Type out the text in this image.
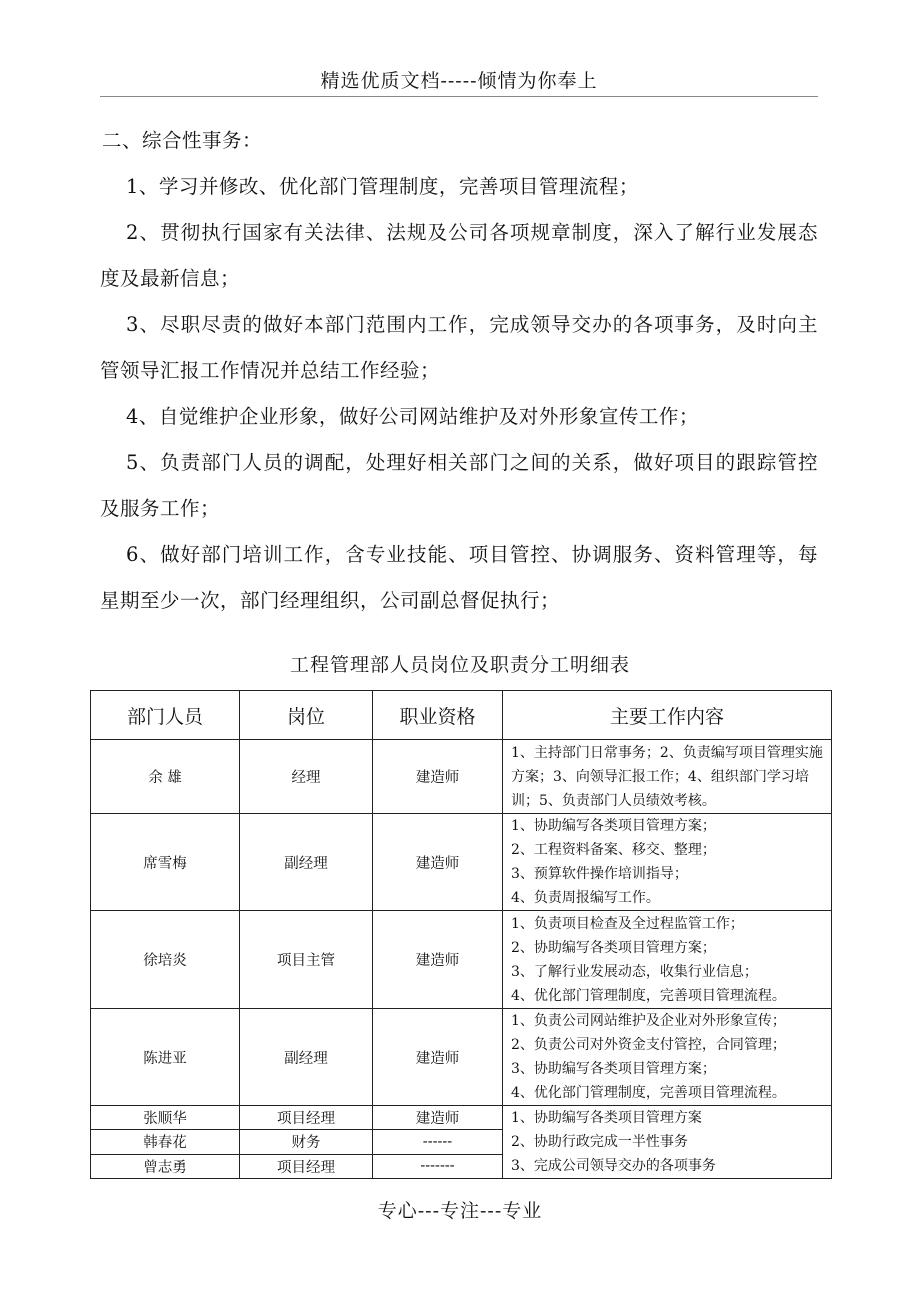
精选优质文档-----倾情为你奉上

二、综合性事务：

1、学习并修改、优化部门管理制度，完善项目管理流程；

2、贯彻执行国家有关法律、法规及公司各项规章制度，深入了解行业发展态度及最新信息；

3、尽职尽责的做好本部门范围内工作，完成领导交办的各项事务，及时向主管领导汇报工作情况并总结工作经验；

4、自觉维护企业形象，做好公司网站维护及对外形象宣传工作；

5、负责部门人员的调配，处理好相关部门之间的关系，做好项目的跟踪管控及服务工作；

6、做好部门培训工作，含专业技能、项目管控、协调服务、资料管理等，每星期至少一次，部门经理组织，公司副总督促执行；

工程管理部人员岗位及职责分工明细表
部门人员	岗位	职业资格	主要工作内容
余 雄	经理	建造师	1、主持部门日常事务；2、负责编写项目管理实施方案；3、向领导汇报工作；4、组织部门学习培训；5、负责部门人员绩效考核。

席雪梅	副经理	建造师	1、协助编写各类项目管理方案；
2、工程资料备案、移交、整理；
3、预算软件操作培训指导；
4、负责周报编写工作。

徐培炎	项目主管	建造师	1、负责项目检查及全过程监管工作；
2、协助编写各类项目管理方案；
3、了解行业发展动态，收集行业信息；
4、优化部门管理制度，完善项目管理流程。

陈进亚	副经理	建造师	1、负责公司网站维护及企业对外形象宣传；
2、负责公司对外资金支付管控，合同管理；
3、协助编写各类项目管理方案；
4、优化部门管理制度，完善项目管理流程。

张顺华	项目经理	建造师	1、协助编写各类项目管理方案
2、协助行政完成一半性事务
3、完成公司领导交办的各项事务

韩春花	财务	------	
曾志勇	项目经理	-------	
专心---专注---专业
